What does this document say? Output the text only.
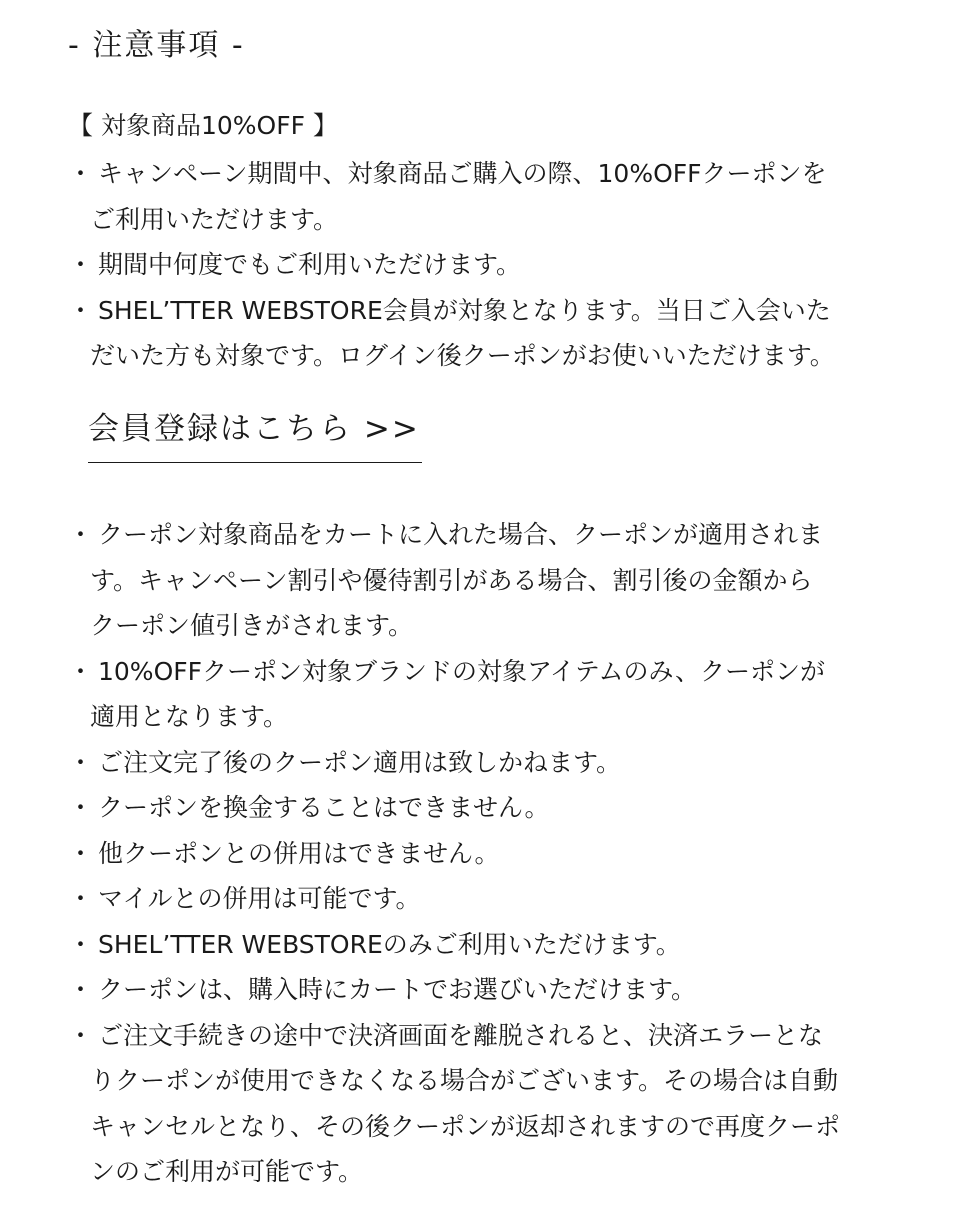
- 注意事項 -
【 対象商品10%OFF 】
・ キャンペーン期間中、対象商品ご購入の際、10%OFFクーポンを
ご利用いただけます。
・ 期間中何度でもご利用いただけます。
・ SHEL’TTER WEBSTORE会員が対象となります。当日ご入会いた
だいた方も対象です。ログイン後クーポンがお使いいただけます。
会員登録はこちら >>
・ クーポン対象商品をカートに入れた場合、クーポンが適用されま
す。キャンペーン割引や優待割引がある場合、割引後の金額から
クーポン値引きがされます。
・ 10%OFFクーポン対象ブランドの対象アイテムのみ、クーポンが
適用となります。
・ ご注文完了後のクーポン適用は致しかねます。
・ クーポンを換金することはできません。
・ 他クーポンとの併用はできません。
・ マイルとの併用は可能です。
・ SHEL’TTER WEBSTOREのみご利用いただけます。
・ クーポンは、購入時にカートでお選びいただけます。
・ ご注文手続きの途中で決済画面を離脱されると、決済エラーとな
りクーポンが使用できなくなる場合がございます。その場合は自動
キャンセルとなり、その後クーポンが返却されますので再度クーポ
ンのご利用が可能です。
